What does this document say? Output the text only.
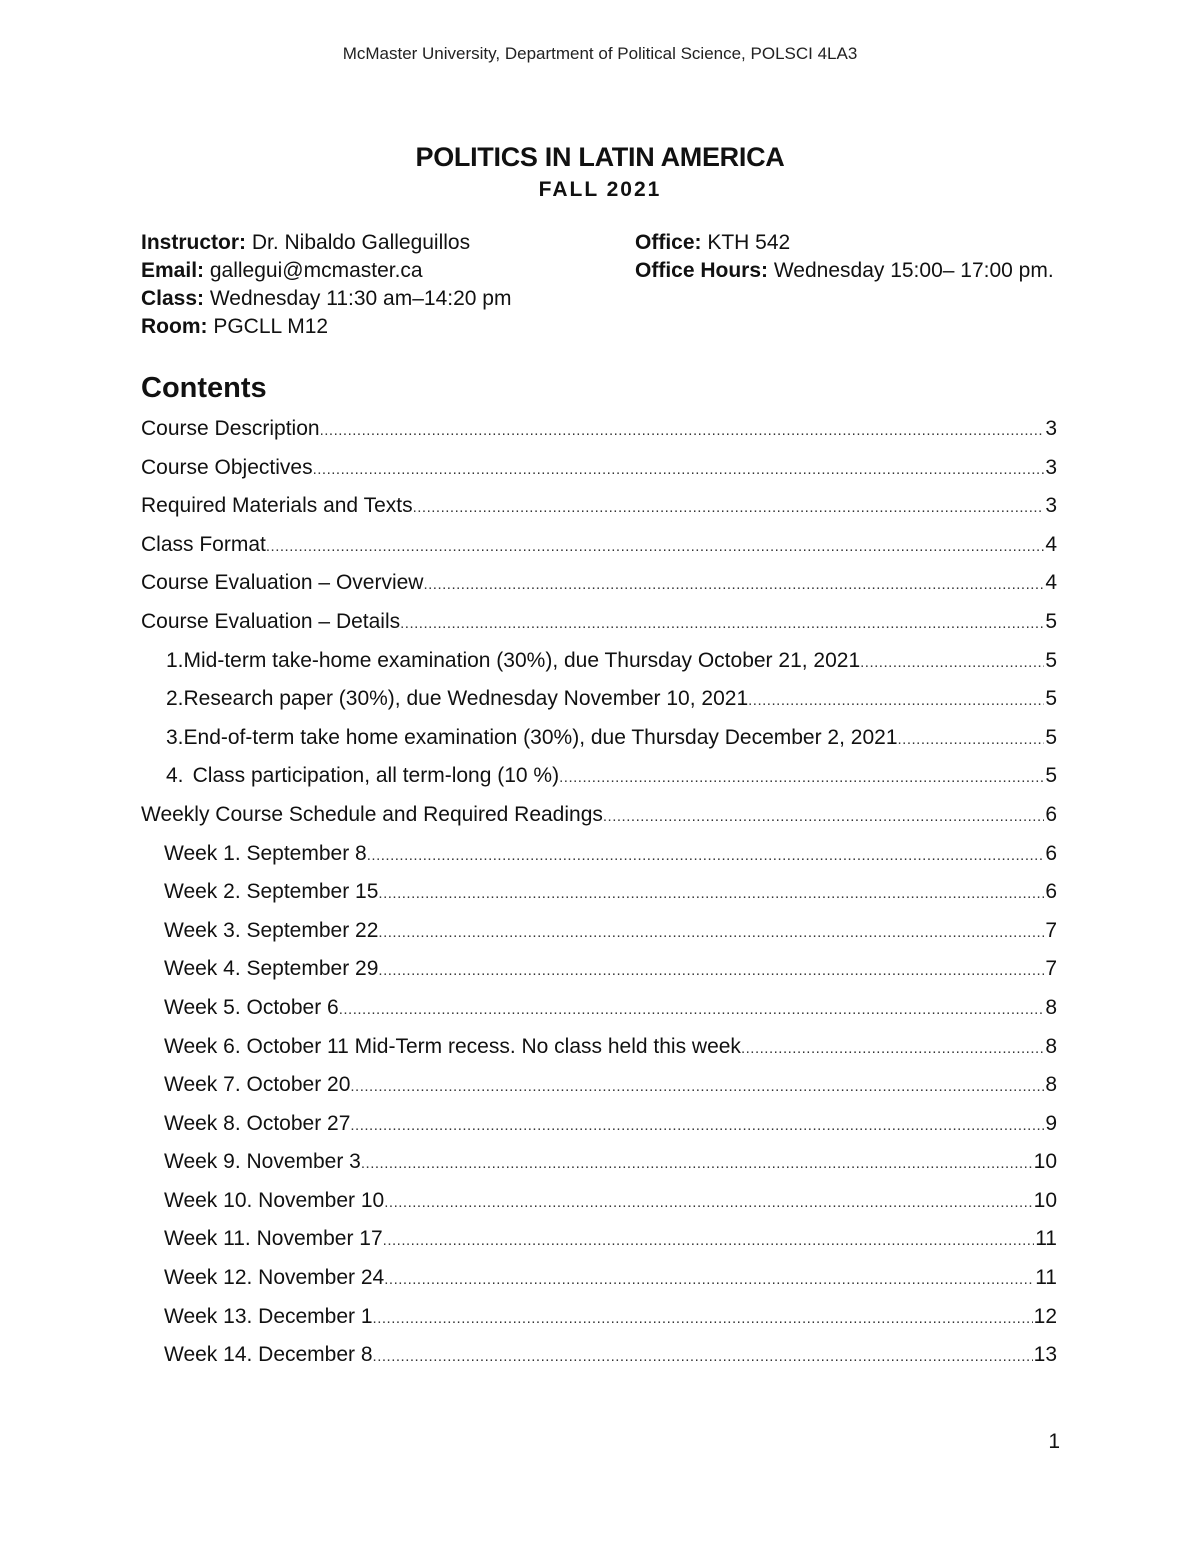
McMaster University, Department of Political Science, POLSCI 4LA3
POLITICS IN LATIN AMERICA
FALL 2021
Instructor: Dr. Nibaldo Galleguillos
Email: gallegui@mcmaster.ca
Class: Wednesday 11:30 am–14:20 pm
Room: PGCLL M12
Office: KTH 542
Office Hours: Wednesday 15:00– 17:00 pm.
Contents
Course Description .....	3
Course Objectives .....	3
Required Materials and Texts .....	3
Class Format .....	4
Course Evaluation – Overview .....	4
Course Evaluation – Details .....	5
1. Mid-term take-home examination (30%), due Thursday October 21, 2021 .....	5
2. Research paper (30%), due Wednesday November 10, 2021 .....	5
3. End-of-term take home examination (30%), due Thursday December 2, 2021 .....	5
4. Class participation, all term-long (10 %) .....	5
Weekly Course Schedule and Required Readings .....	6
Week 1. September 8 .....	6
Week 2. September 15 .....	6
Week 3. September 22 .....	7
Week 4. September 29 .....	7
Week 5. October 6 .....	8
Week 6. October 11 Mid-Term recess. No class held this week .....	8
Week 7. October 20 .....	8
Week 8. October 27 .....	9
Week 9. November 3 .....	10
Week 10. November 10 .....	10
Week 11. November 17 .....	11
Week 12. November 24 .....	11
Week 13. December 1 .....	12
Week 14. December 8 .....	13
1
